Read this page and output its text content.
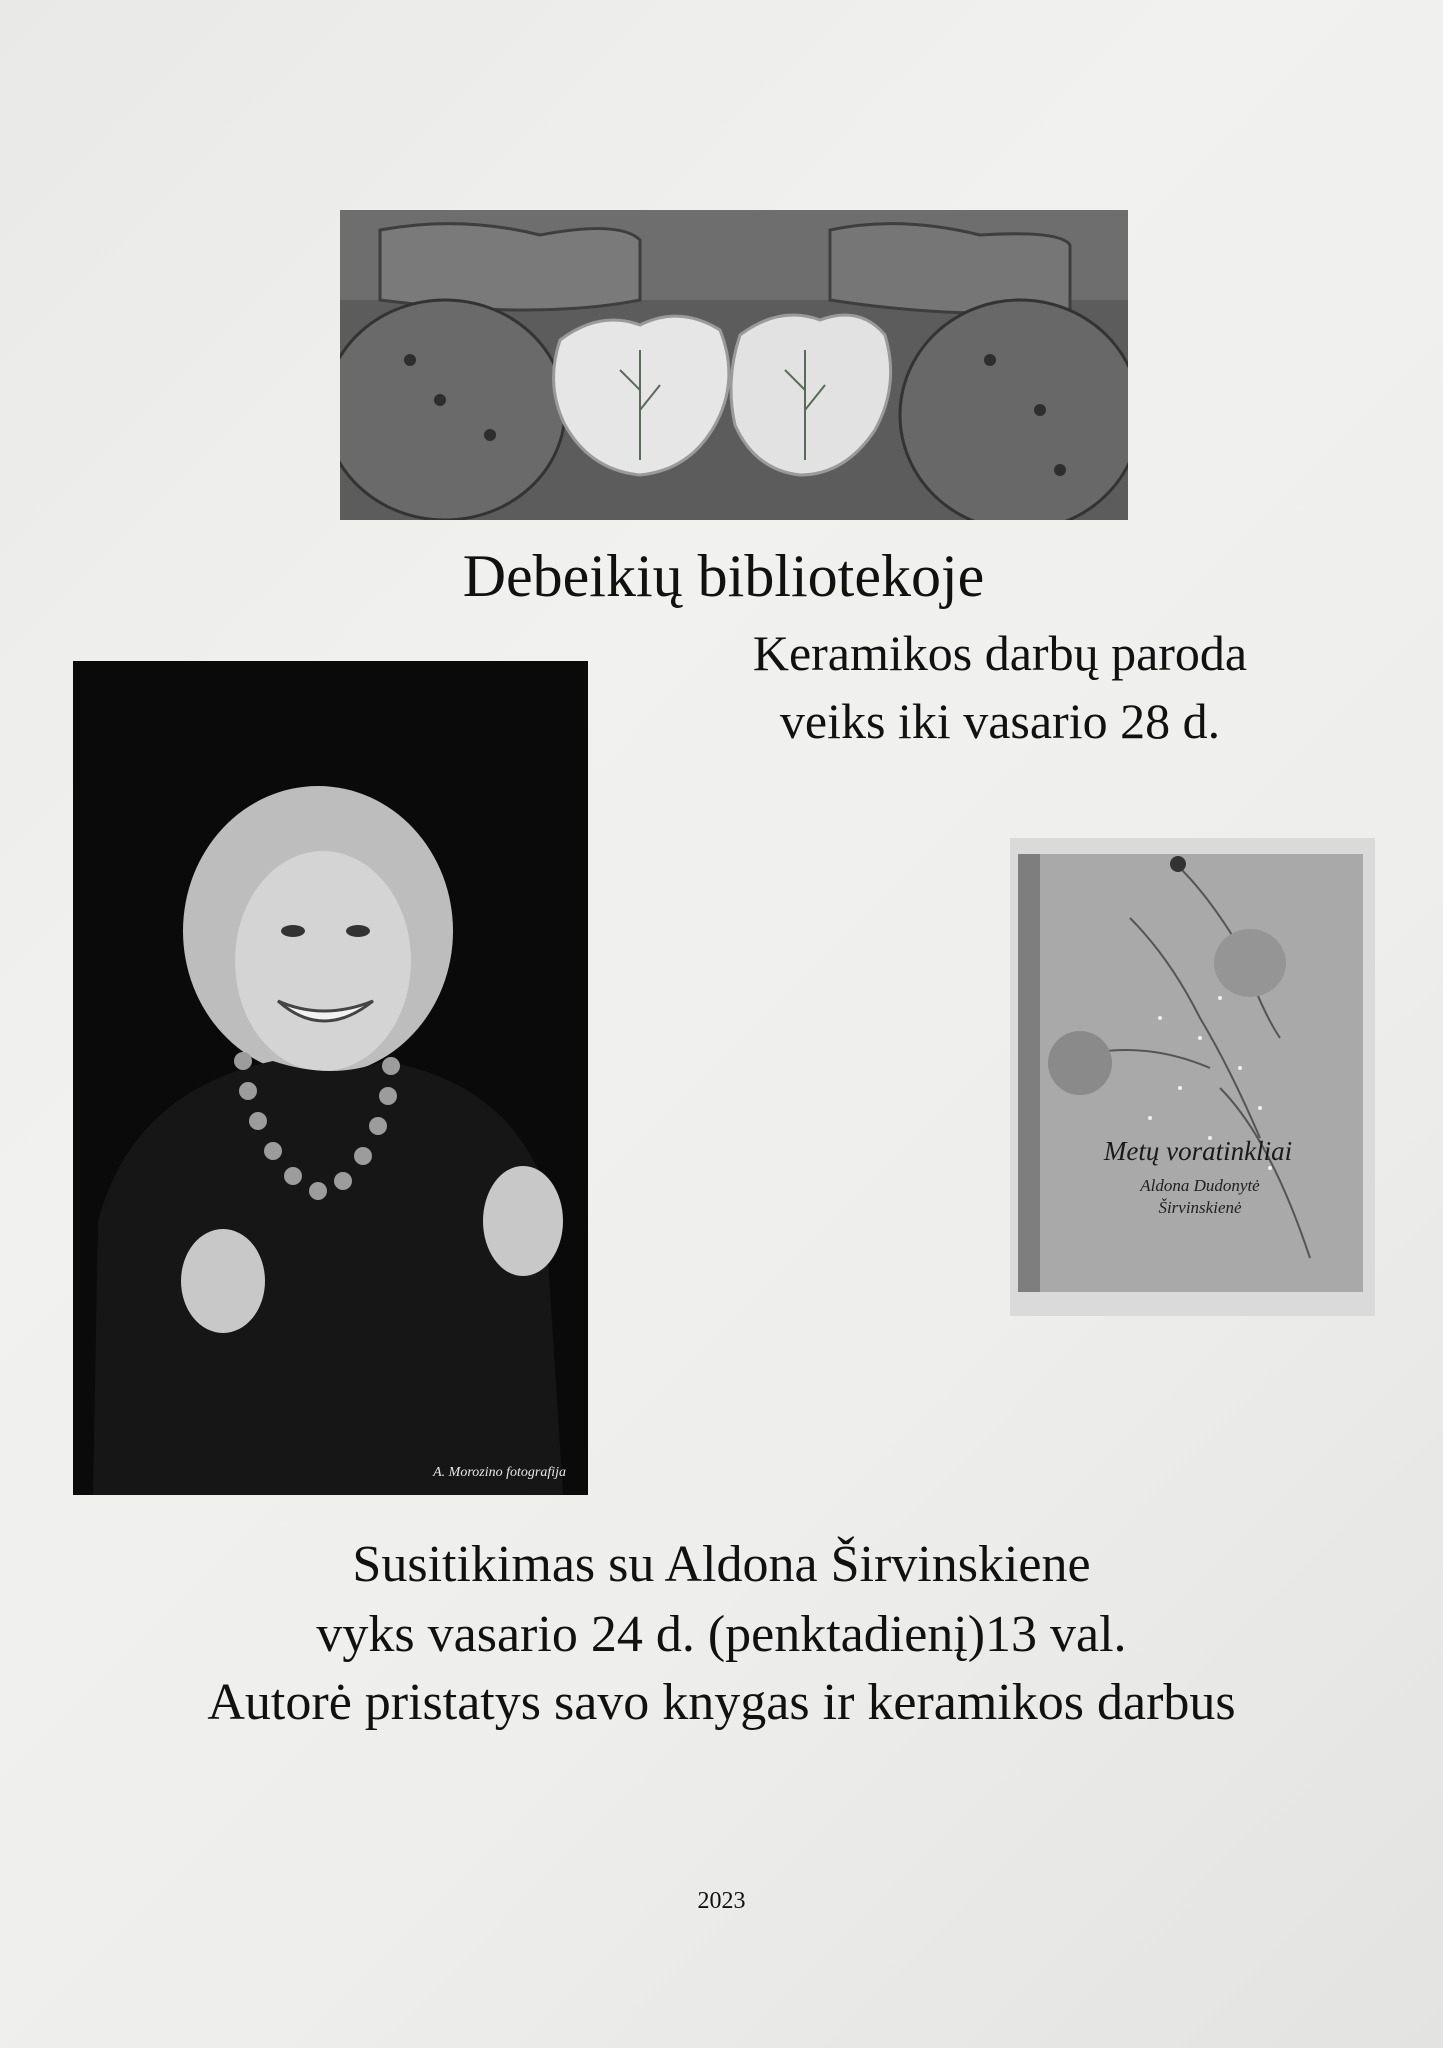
Debeikių bibliotekoje
Keramikos darbų paroda
veiks iki vasario 28 d.
A. Morozino fotografija
Metų voratinkliai
Aldona Dudonytė
Širvinskienė
Susitikimas su Aldona Širvinskiene
vyks vasario 24 d. (penktadienį)13 val.
Autorė pristatys savo knygas ir keramikos darbus
2023
